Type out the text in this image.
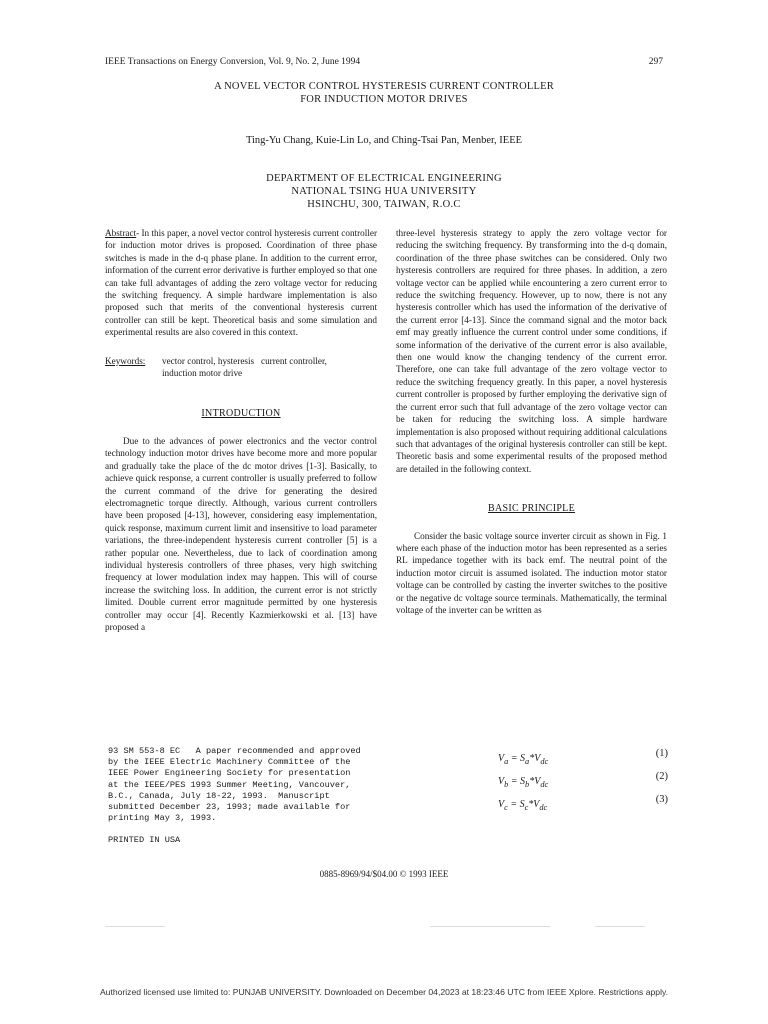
IEEE Transactions on Energy Conversion, Vol. 9, No. 2, June 1994	297
A NOVEL VECTOR CONTROL HYSTERESIS CURRENT CONTROLLER
FOR INDUCTION MOTOR DRIVES
Ting-Yu Chang, Kuie-Lin Lo, and Ching-Tsai Pan, Menber, IEEE
DEPARTMENT OF ELECTRICAL ENGINEERING
NATIONAL TSING HUA UNIVERSITY
HSINCHU, 300, TAIWAN, R.O.C

Abstract- In this paper, a novel vector control hysteresis current controller for induction motor drives is proposed. Coordination of three phase switches is made in the d-q phase plane. In addition to the current error, information of the current error derivative is further employed so that one can take full advantages of adding the zero voltage vector for reducing the switching frequency. A simple hardware implementation is also proposed such that merits of the conventional hysteresis current controller can still be kept. Theoretical basis and some simulation and experimental results are also covered in this context.

Keywords:	vector control, hysteresis   current controller,
induction motor drive
INTRODUCTION

Due to the advances of power electronics and the vector control technology induction motor drives have become more and more popular and gradually take the place of the dc motor drives [1-3]. Basically, to achieve quick response, a current controller is usually preferred to follow the current command of the drive for generating the desired electromagnetic torque directly. Although, various current controllers have been proposed [4-13], however, considering easy implementation, quick response, maximum current limit and insensitive to load parameter variations, the three-independent hysteresis current controller [5] is a rather popular one. Nevertheless, due to lack of coordination among individual hysteresis controllers of three phases, very high switching frequency at lower modulation index may happen. This will of course increase the switching loss. In addition, the current error is not strictly limited. Double current error magnitude permitted by one hysteresis controller may occur [4]. Recently Kazmierkowski et al. [13] have proposed a

three-level hysteresis strategy to apply the zero voltage vector for reducing the switching frequency. By transforming into the d-q domain, coordination of the three phase switches can be considered. Only two hysteresis controllers are required for three phases. In addition, a zero voltage vector can be applied while encountering a zero current error to reduce the switching frequency. However, up to now, there is not any hysteresis controller which has used the information of the derivative of the current error [4-13]. Since the command signal and the motor back emf may greatly influence the current control under some conditions, if some information of the derivative of the current error is also available, then one would know the changing tendency of the current error. Therefore, one can take full advantage of the zero voltage vector to reduce the switching frequency greatly. In this paper, a novel hysteresis current controller is proposed by further employing the derivative sign of the current error such that full advantage of the zero voltage vector can be taken for reducing the switching loss. A simple hardware implementation is also proposed without requiring additional calculations such that advantages of the original hysteresis controller can still be kept. Theoretic basis and some experimental results of the proposed method are detailed in the following context.

BASIC PRINCIPLE

Consider the basic voltage source inverter circuit as shown in Fig. 1 where each phase of the induction motor has been represented as a series RL impedance together with its back emf. The neutral point of the induction motor circuit is assumed isolated. The induction motor stator voltage can be controlled by casting the inverter switches to the positive or the negative dc voltage source terminals. Mathematically, the terminal voltage of the inverter can be written as

$V_a = S_a*V_{dc}$
(1)
$V_b = S_b*V_{dc}$
(2)
$V_c = S_c*V_{dc}$
(3)
93 SM 553-8 EC   A paper recommended and approved
by the IEEE Electric Machinery Committee of the
IEEE Power Engineering Society for presentation
at the IEEE/PES 1993 Summer Meeting, Vancouver,
B.C., Canada, July 18-22, 1993.  Manuscript
submitted December 23, 1993; made available for
printing May 3, 1993.
PRINTED IN USA
0885-8969/94/$04.00 © 1993 IEEE
Authorized licensed use limited to: PUNJAB UNIVERSITY. Downloaded on December 04,2023 at 18:23:46 UTC from IEEE Xplore. Restrictions apply.
